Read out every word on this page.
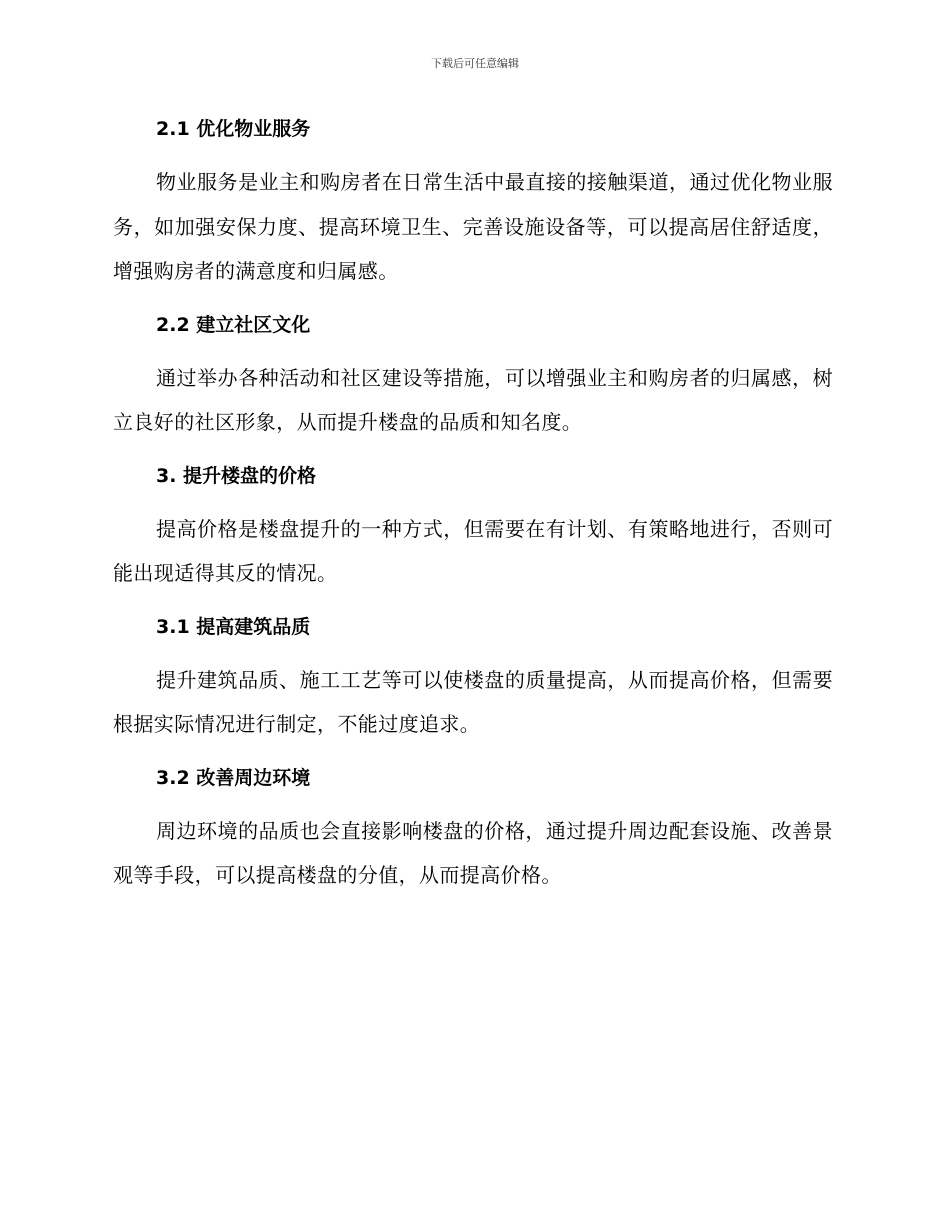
下载后可任意编辑
2.1 优化物业服务

物业服务是业主和购房者在日常生活中最直接的接触渠道，通过优化物业服务，如加强安保力度、提高环境卫生、完善设施设备等，可以提高居住舒适度，增强购房者的满意度和归属感。

2.2 建立社区文化

通过举办各种活动和社区建设等措施，可以增强业主和购房者的归属感，树立良好的社区形象，从而提升楼盘的品质和知名度。

3. 提升楼盘的价格

提高价格是楼盘提升的一种方式，但需要在有计划、有策略地进行，否则可能出现适得其反的情况。

3.1 提高建筑品质

提升建筑品质、施工工艺等可以使楼盘的质量提高，从而提高价格，但需要根据实际情况进行制定，不能过度追求。

3.2 改善周边环境

周边环境的品质也会直接影响楼盘的价格，通过提升周边配套设施、改善景观等手段，可以提高楼盘的分值，从而提高价格。
